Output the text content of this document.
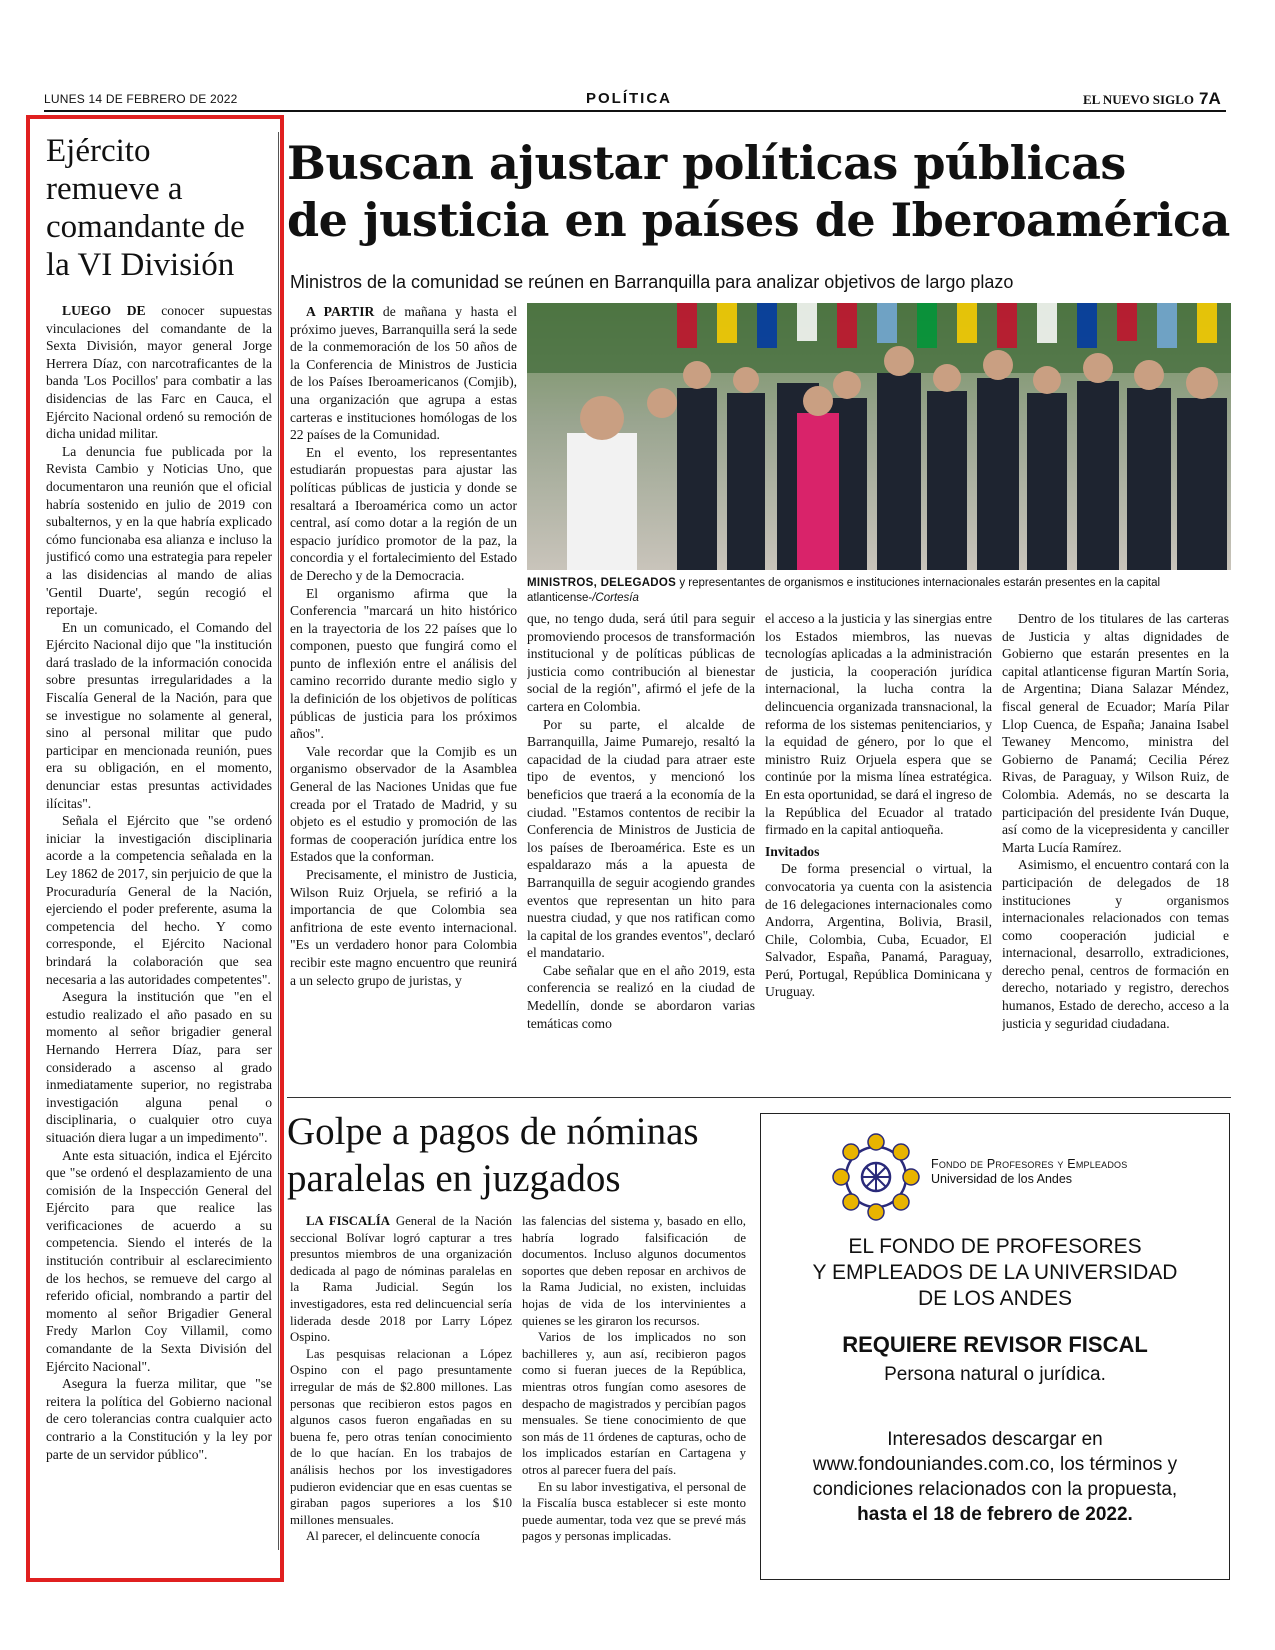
LUNES 14 DE FEBRERO DE 2022	POLÍTICA	EL NUEVO SIGLO 7A
Ejército remueve a comandante de la VI División

LUEGO DE conocer supuestas vinculaciones del comandante de la Sexta División, mayor general Jorge Herrera Díaz, con narcotraficantes de la banda 'Los Pocillos' para combatir a las disidencias de las Farc en Cauca, el Ejército Nacional ordenó su remoción de dicha unidad militar.

La denuncia fue publicada por la Revista Cambio y Noticias Uno, que documentaron una reunión que el oficial habría sostenido en julio de 2019 con subalternos, y en la que habría explicado cómo funcionaba esa alianza e incluso la justificó como una estrategia para repeler a las disidencias al mando de alias 'Gentil Duarte', según recogió el reportaje.

En un comunicado, el Comando del Ejército Nacional dijo que "la institución dará traslado de la información conocida sobre presuntas irregularidades a la Fiscalía General de la Nación, para que se investigue no solamente al general, sino al personal militar que pudo participar en mencionada reunión, pues era su obligación, en el momento, denunciar estas presuntas actividades ilícitas".

Señala el Ejército que "se ordenó iniciar la investigación disciplinaria acorde a la competencia señalada en la Ley 1862 de 2017, sin perjuicio de que la Procuraduría General de la Nación, ejerciendo el poder preferente, asuma la competencia del hecho. Y como corresponde, el Ejército Nacional brindará la colaboración que sea necesaria a las autoridades competentes".

Asegura la institución que "en el estudio realizado el año pasado en su momento al señor brigadier general Hernando Herrera Díaz, para ser considerado a ascenso al grado inmediatamente superior, no registraba investigación alguna penal o disciplinaria, o cualquier otro cuya situación diera lugar a un impedimento".

Ante esta situación, indica el Ejército que "se ordenó el desplazamiento de una comisión de la Inspección General del Ejército para que realice las verificaciones de acuerdo a su competencia. Siendo el interés de la institución contribuir al esclarecimiento de los hechos, se remueve del cargo al referido oficial, nombrando a partir del momento al señor Brigadier General Fredy Marlon Coy Villamil, como comandante de la Sexta División del Ejército Nacional".

Asegura la fuerza militar, que "se reitera la política del Gobierno nacional de cero tolerancias contra cualquier acto contrario a la Constitución y la ley por parte de un servidor público".

Buscan ajustar políticas públicas
de justicia en países de Iberoamérica
Ministros de la comunidad se reúnen en Barranquilla para analizar objetivos de largo plazo
MINISTROS, DELEGADOS y representantes de organismos e instituciones internacionales estarán presentes en la capital atlanticense-/Cortesía

A PARTIR de mañana y hasta el próximo jueves, Barranquilla será la sede de la conmemoración de los 50 años de la Conferencia de Ministros de Justicia de los Países Iberoamericanos (Comjib), una organización que agrupa a estas carteras e instituciones homólogas de los 22 países de la Comunidad.

En el evento, los representantes estudiarán propuestas para ajustar las políticas públicas de justicia y donde se resaltará a Iberoamérica como un actor central, así como dotar a la región de un espacio jurídico promotor de la paz, la concordia y el fortalecimiento del Estado de Derecho y de la Democracia.

El organismo afirma que la Conferencia "marcará un hito histórico en la trayectoria de los 22 países que lo componen, puesto que fungirá como el punto de inflexión entre el análisis del camino recorrido durante medio siglo y la definición de los objetivos de políticas públicas de justicia para los próximos años".

Vale recordar que la Comjib es un organismo observador de la Asamblea General de las Naciones Unidas que fue creada por el Tratado de Madrid, y su objeto es el estudio y promoción de las formas de cooperación jurídica entre los Estados que la conforman.

Precisamente, el ministro de Justicia, Wilson Ruiz Orjuela, se refirió a la importancia de que Colombia sea anfitriona de este evento internacional. "Es un verdadero honor para Colombia recibir este magno encuentro que reunirá a un selecto grupo de juristas, y

que, no tengo duda, será útil para seguir promoviendo procesos de transformación institucional y de políticas públicas de justicia como contribución al bienestar social de la región", afirmó el jefe de la cartera en Colombia.

Por su parte, el alcalde de Barranquilla, Jaime Pumarejo, resaltó la capacidad de la ciudad para atraer este tipo de eventos, y mencionó los beneficios que traerá a la economía de la ciudad. "Estamos contentos de recibir la Conferencia de Ministros de Justicia de los países de Iberoamérica. Este es un espaldarazo más a la apuesta de Barranquilla de seguir acogiendo grandes eventos que representan un hito para nuestra ciudad, y que nos ratifican como la capital de los grandes eventos", declaró el mandatario.

Cabe señalar que en el año 2019, esta conferencia se realizó en la ciudad de Medellín, donde se abordaron varias temáticas como

el acceso a la justicia y las sinergias entre los Estados miembros, las nuevas tecnologías aplicadas a la administración de justicia, la cooperación jurídica internacional, la lucha contra la delincuencia organizada transnacional, la reforma de los sistemas penitenciarios, y la equidad de género, por lo que el ministro Ruiz Orjuela espera que se continúe por la misma línea estratégica. En esta oportunidad, se dará el ingreso de la República del Ecuador al tratado firmado en la capital antioqueña.

Invitados

De forma presencial o virtual, la convocatoria ya cuenta con la asistencia de 16 delegaciones internacionales como Andorra, Argentina, Bolivia, Brasil, Chile, Colombia, Cuba, Ecuador, El Salvador, España, Panamá, Paraguay, Perú, Portugal, República Dominicana y Uruguay.

Dentro de los titulares de las carteras de Justicia y altas dignidades de Gobierno que estarán presentes en la capital atlanticense figuran Martín Soria, de Argentina; Diana Salazar Méndez, fiscal general de Ecuador; María Pilar Llop Cuenca, de España; Janaina Isabel Tewaney Mencomo, ministra del Gobierno de Panamá; Cecilia Pérez Rivas, de Paraguay, y Wilson Ruiz, de Colombia. Además, no se descarta la participación del presidente Iván Duque, así como de la vicepresidenta y canciller Marta Lucía Ramírez.

Asimismo, el encuentro contará con la participación de delegados de 18 instituciones y organismos internacionales relacionados con temas como cooperación judicial e internacional, desarrollo, extradiciones, derecho penal, centros de formación en derecho, notariado y registro, derechos humanos, Estado de derecho, acceso a la justicia y seguridad ciudadana.

Golpe a pagos de nóminas paralelas en juzgados

LA FISCALÍA General de la Nación seccional Bolívar logró capturar a tres presuntos miembros de una organización dedicada al pago de nóminas paralelas en la Rama Judicial. Según los investigadores, esta red delincuencial sería liderada desde 2018 por Larry López Ospino.

Las pesquisas relacionan a López Ospino con el pago presuntamente irregular de más de $2.800 millones. Las personas que recibieron estos pagos en algunos casos fueron engañadas en su buena fe, pero otras tenían conocimiento de lo que hacían. En los trabajos de análisis hechos por los investigadores pudieron evidenciar que en esas cuentas se giraban pagos superiores a los $10 millones mensuales.

Al parecer, el delincuente conocía

las falencias del sistema y, basado en ello, habría logrado falsificación de documentos. Incluso algunos documentos soportes que deben reposar en archivos de la Rama Judicial, no existen, incluidas hojas de vida de los intervinientes a quienes se les giraron los recursos.

Varios de los implicados no son bachilleres y, aun así, recibieron pagos como si fueran jueces de la República, mientras otros fungían como asesores de despacho de magistrados y percibían pagos mensuales. Se tiene conocimiento de que son más de 11 órdenes de capturas, ocho de los implicados estarían en Cartagena y otros al parecer fuera del país.

En su labor investigativa, el personal de la Fiscalía busca establecer si este monto puede aumentar, toda vez que se prevé más pagos y personas implicadas.

Fondo de Profesores y Empleados
Universidad de los Andes
EL FONDO DE PROFESORES
Y EMPLEADOS DE LA UNIVERSIDAD
DE LOS ANDES
REQUIERE REVISOR FISCAL
Persona natural o jurídica.
Interesados descargar en
www.fondouniandes.com.co, los términos y
condiciones relacionados con la propuesta,
hasta el 18 de febrero de 2022.
